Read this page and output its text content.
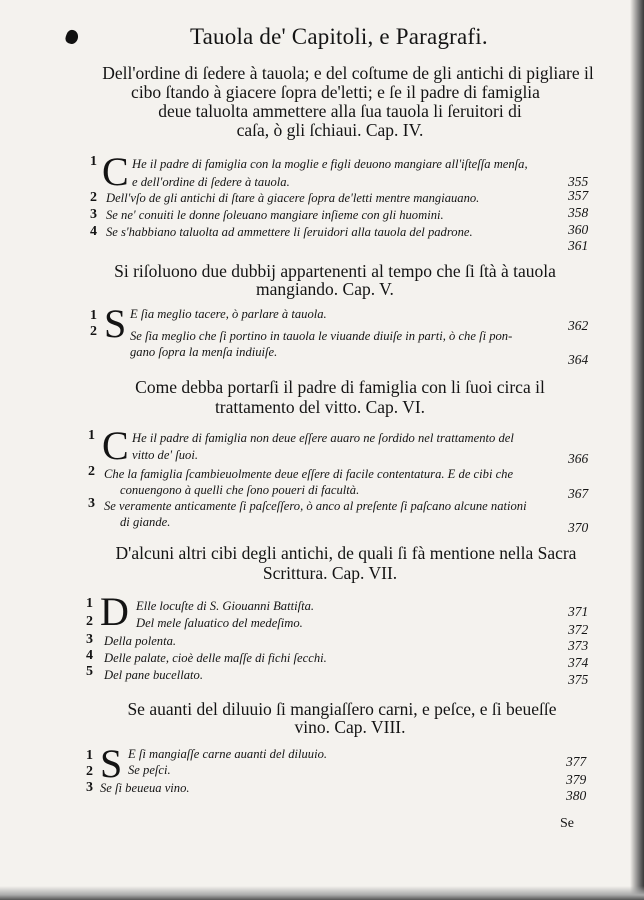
Tauola de' Capitoli, e Paragrafi.
Dell'ordine di ſedere à tauola; e del coſtume de gli antichi di pigliare il
cibo ſtando à giacere ſopra de'letti; e ſe il padre di famiglia
deue taluolta ammettere alla ſua tauola li ſeruitori di
caſa, ò gli ſchiaui. Cap. IV.
1 C He il padre di famiglia con la moglie e figli deuono mangiare all'iſteſſa menſa,
e dell'ordine di ſedere à tauola.	355
2 Dell'vſo de gli antichi di ſtare à giacere ſopra de'letti mentre mangiauano.	357
3 Se ne' conuiti le donne ſoleuano mangiare inſieme con gli huomini.	358
4 Se s'habbiano taluolta ad ammettere li ſeruidori alla tauola del padrone.	360
361
Si riſoluono due dubbij appartenenti al tempo che ſi ſtà à tauola
mangiando. Cap. V.
1 S E ſia meglio tacere, ò parlare à tauola.
362
2	Se ſia meglio che ſi portino in tauola le viuande diuiſe in parti, ò che ſi pon-
gano ſopra la menſa indiuiſe.	364
Come debba portarſi il padre di famiglia con li ſuoi circa il
trattamento del vitto. Cap. VI.
1 C He il padre di famiglia non deue eſſere auaro ne ſordido nel trattamento del
vitto de' ſuoi.	366
2 Che la famiglia ſcambieuolmente deue eſſere di facile contentatura. E de cibi che
conuengono à quelli che ſono poueri di facultà.	367
3 Se veramente anticamente ſi paſceſſero, ò anco al preſente ſi paſcano alcune nationi
di giande.	370
D'alcuni altri cibi degli antichi, de quali ſi fà mentione nella Sacra
Scrittura. Cap. VII.
1 D Elle locuſte di S. Giouanni Battiſta.	371
2	Del mele ſaluatico del medeſimo.	372
3 Della polenta.	373
4 Delle palate, cioè delle maſſe di fichi ſecchi.	374
5 Del pane bucellato.	375
Se auanti del diluuio ſi mangiaſſero carni, e peſce, e ſi beueſſe
vino. Cap. VIII.
1 S E ſi mangiaſſe carne auanti del diluuio.	377
2	Se peſci.
379
3 Se ſi beueua vino.	380
Se
